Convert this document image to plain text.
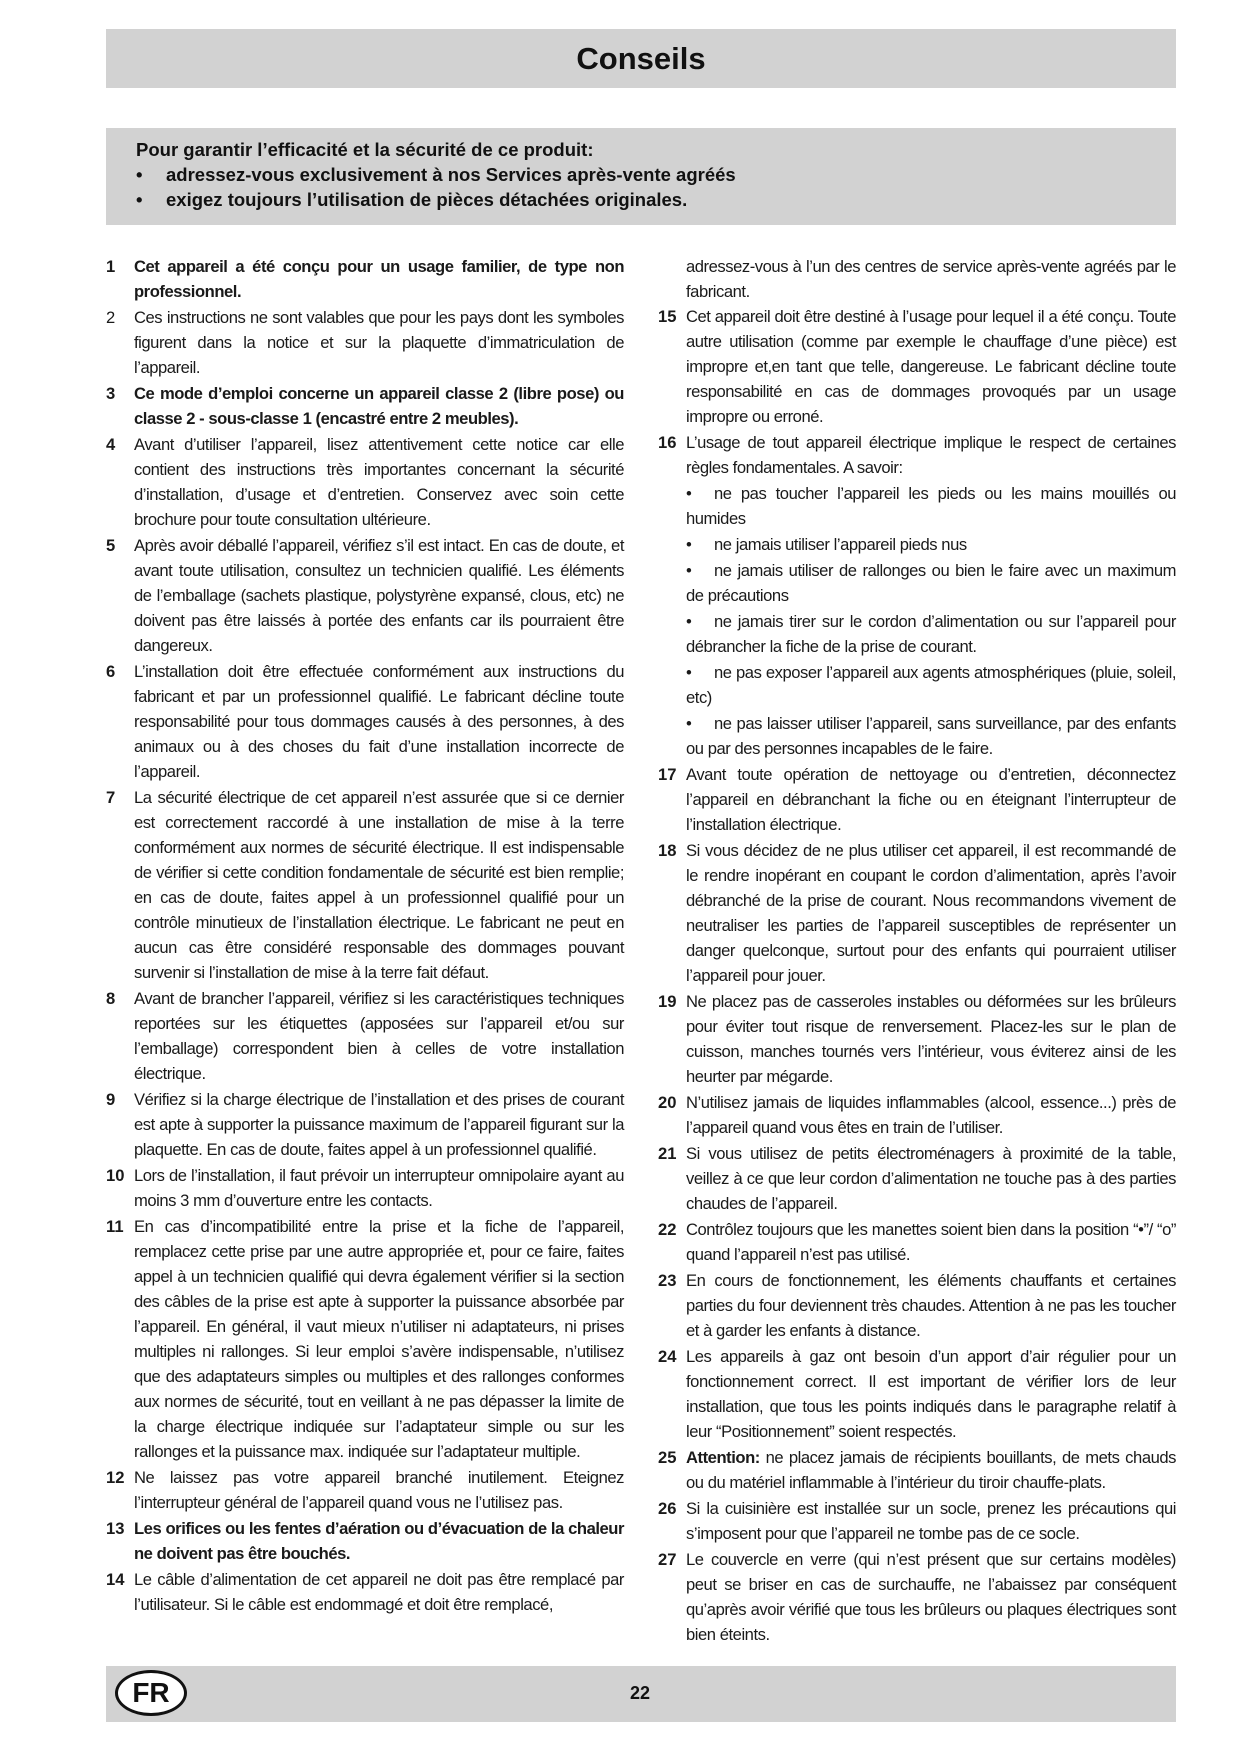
Conseils
Pour garantir l’efficacité et la sécurité de ce produit:
•	adressez-vous exclusivement à nos Services après-vente agréés
•	exigez toujours l’utilisation de pièces détachées originales.
1	Cet appareil a été conçu pour un usage familier, de type non professionnel.
2	Ces instructions ne sont valables que pour les pays dont les symboles figurent dans la notice et sur la plaquette d’immatriculation de l’appareil.
3	Ce mode d’emploi concerne un appareil classe 2 (libre pose) ou classe 2 - sous-classe 1 (encastré entre 2 meubles).
4	Avant d’utiliser l’appareil, lisez attentivement cette notice car elle contient des instructions très importantes concernant la sécurité d’installation, d’usage et d’entretien. Conservez avec soin cette brochure pour toute consultation ultérieure.
5	Après avoir déballé l’appareil, vérifiez s’il est intact. En cas de doute, et avant toute utilisation, consultez un technicien qualifié. Les éléments de l’emballage (sachets plastique, polystyrène expansé, clous, etc) ne doivent pas être laissés à portée des enfants car ils pourraient être dangereux.
6	L’installation doit être effectuée conformément aux instructions du fabricant et par un professionnel qualifié. Le fabricant décline toute responsabilité pour tous dommages causés à des personnes, à des animaux ou à des choses du fait d’une installation incorrecte de l’appareil.
7	La sécurité électrique de cet appareil n’est assurée que si ce dernier est correctement raccordé à une installation de mise à la terre conformément aux normes de sécurité électrique. Il est indispensable de vérifier si cette condition fondamentale de sécurité est bien remplie; en cas de doute, faites appel à un professionnel qualifié pour un contrôle minutieux de l’installation électrique. Le fabricant ne peut en aucun cas être considéré responsable des dommages pouvant survenir si l’installation de mise à la terre fait défaut.
8	Avant de brancher l’appareil, vérifiez si les caractéristiques techniques reportées sur les étiquettes (apposées sur l’appareil et/ou sur l’emballage) correspondent bien à celles de votre installation électrique.
9	Vérifiez si la charge électrique de l’installation et des prises de courant est apte à supporter la puissance maximum de l’appareil figurant sur la plaquette. En cas de doute, faites appel à un professionnel qualifié.
10 Lors de l’installation, il faut prévoir un interrupteur omnipolaire ayant au moins 3 mm d’ouverture entre les contacts.
11 En cas d’incompatibilité entre la prise et la fiche de l’appareil, remplacez cette prise par une autre appropriée et, pour ce faire, faites appel à un technicien qualifié qui devra également vérifier si la section des câbles de la prise est apte à supporter la puissance absorbée par l’appareil. En général, il vaut mieux n’utiliser ni adaptateurs, ni prises multiples ni rallonges. Si leur emploi s’avère indispensable, n’utilisez que des adaptateurs simples ou multiples et des rallonges conformes aux normes de sécurité, tout en veillant à ne pas dépasser la limite de la charge électrique indiquée sur l’adaptateur simple ou sur les rallonges et la puissance max. indiquée sur l’adaptateur multiple.
12 Ne laissez pas votre appareil branché inutilement. Eteignez l’interrupteur général de l’appareil quand vous ne l’utilisez pas.
13 Les orifices ou les fentes d’aération ou d’évacuation de la chaleur ne doivent pas être bouchés.
14 Le câble d’alimentation de cet appareil ne doit pas être remplacé par l’utilisateur. Si le câble est endommagé et doit être remplacé,
adressez-vous à l’un des centres de service après-vente agréés par le fabricant.
15 Cet appareil doit être destiné à l’usage pour lequel il a été conçu. Toute autre utilisation (comme par exemple le chauffage d’une pièce) est impropre et,en tant que telle, dangereuse. Le fabricant décline toute responsabilité en cas de dommages provoqués par un usage impropre ou erroné.
16 L’usage de tout appareil électrique implique le respect de certaines règles fondamentales. A savoir:
• ne pas toucher l’appareil les pieds ou les mains mouillés ou humides
• ne jamais utiliser l’appareil pieds nus
• ne jamais utiliser de rallonges ou bien le faire avec un maximum de précautions
• ne jamais tirer sur le cordon d’alimentation ou sur l’appareil pour débrancher la fiche de la prise de courant.
• ne pas exposer l’appareil aux agents atmosphériques (pluie, soleil, etc)
• ne pas laisser utiliser l’appareil, sans surveillance, par des enfants ou par des personnes incapables de le faire.
17 Avant toute opération de nettoyage ou d’entretien, déconnectez l’appareil en débranchant la fiche ou en éteignant l’interrupteur de l’installation électrique.
18 Si vous décidez de ne plus utiliser cet appareil, il est recommandé de le rendre inopérant en coupant le cordon d’alimentation, après l’avoir débranché de la prise de courant. Nous recommandons vivement de neutraliser les parties de l’appareil susceptibles de représenter un danger quelconque, surtout pour des enfants qui pourraient utiliser l’appareil pour jouer.
19 Ne placez pas de casseroles instables ou déformées sur les brûleurs pour éviter tout risque de renversement. Placez-les sur le plan de cuisson, manches tournés vers l’intérieur, vous éviterez ainsi de les heurter par mégarde.
20 N’utilisez jamais de liquides inflammables (alcool, essence...) près de l’appareil quand vous êtes en train de l’utiliser.
21 Si vous utilisez de petits électroménagers à proximité de la table, veillez à ce que leur cordon d’alimentation ne touche pas à des parties chaudes de l’appareil.
22 Contrôlez toujours que les manettes soient bien dans la position “•”/ “o” quand l’appareil n’est pas utilisé.
23 En cours de fonctionnement, les éléments chauffants et certaines parties du four deviennent très chaudes. Attention à ne pas les toucher et à garder les enfants à distance.
24 Les appareils à gaz ont besoin d’un apport d’air régulier pour un fonctionnement correct. Il est important de vérifier lors de leur installation, que tous les points indiqués dans le paragraphe relatif à leur “Positionnement” soient respectés.
25 Attention: ne placez jamais de récipients bouillants, de mets chauds ou du matériel inflammable à l’intérieur du tiroir chauffe-plats.
26 Si la cuisinière est installée sur un socle, prenez les précautions qui s’imposent pour que l’appareil ne tombe pas de ce socle.
27 Le couvercle en verre (qui n’est présent que sur certains modèles) peut se briser en cas de surchauffe, ne l’abaissez par conséquent qu’après avoir vérifié que tous les brûleurs ou plaques électriques sont bien éteints.
FR	22
